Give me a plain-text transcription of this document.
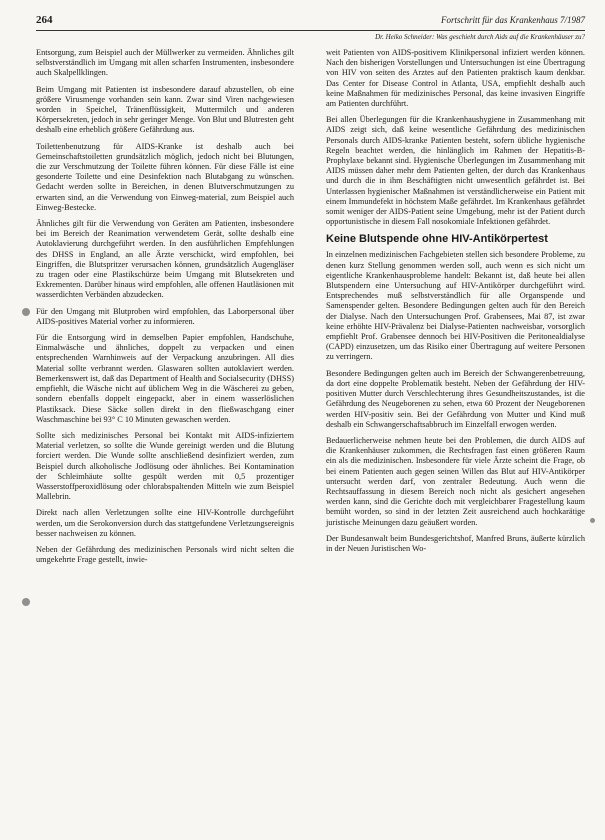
264	Fortschritt für das Krankenhaus 7/1987
Dr. Heiko Schneider: Was geschieht durch Aids auf die Krankenhäuser zu?

Entsorgung, zum Beispiel auch der Müllwerker zu vermeiden. Ähnliches gilt selbstverständlich im Umgang mit allen scharfen Instrumenten, insbesondere auch Skalpellklingen.

Beim Umgang mit Patienten ist insbesondere darauf abzustellen, ob eine größere Virusmenge vorhanden sein kann. Zwar sind Viren nachgewiesen worden in Speichel, Tränenflüssigkeit, Muttermilch und anderen Körpersekreten, jedoch in sehr geringer Menge. Von Blut und Blutresten geht deshalb eine erheblich größere Gefährdung aus.

Toilettenbenutzung für AIDS-Kranke ist deshalb auch bei Gemeinschaftstoiletten grundsätzlich möglich, jedoch nicht bei Blutungen, die zur Verschmutzung der Toilette führen können. Für diese Fälle ist eine gesonderte Toilette und eine Desinfektion nach Blutabgang zu wünschen. Gedacht werden sollte in Bereichen, in denen Blutverschmutzungen zu erwarten sind, an die Verwendung von Einweg-material, zum Beispiel auch Einweg-Bestecke.

Ähnliches gilt für die Verwendung von Geräten am Patienten, insbesondere bei im Bereich der Reanimation verwendetem Gerät, sollte deshalb eine Autoklavierung durchgeführt werden. In den ausführlichen Empfehlungen des DHSS in England, an alle Ärzte verschickt, wird empfohlen, bei Eingriffen, die Blutspritzer verursachen können, grundsätzlich Augengläser zu tragen oder eine Plastikschürze beim Umgang mit Blutsekreten und Exkrementen. Darüber hinaus wird empfohlen, alle offenen Hautläsionen mit wasserdichten Verbänden abzudecken.

Für den Umgang mit Blutproben wird empfohlen, das Laborpersonal über AIDS-positives Material vorher zu informieren.

Für die Entsorgung wird in demselben Papier empfohlen, Handschuhe, Einmalwäsche und ähnliches, doppelt zu verpacken und einen entsprechenden Warnhinweis auf der Verpackung anzubringen. All dies Material sollte verbrannt werden. Glaswaren sollten autoklaviert werden. Bemerkenswert ist, daß das Department of Health and Socialsecurity (DHSS) empfiehlt, die Wäsche nicht auf üblichem Weg in die Wäscherei zu geben, sondern ebenfalls doppelt eingepackt, aber in einem wasserlöslichen Plastiksack. Diese Säcke sollen direkt in den fließwaschgang einer Waschmaschine bei 93° C 10 Minuten gewaschen werden.

Sollte sich medizinisches Personal bei Kontakt mit AIDS-infiziertem Material verletzen, so sollte die Wunde gereinigt werden und die Blutung forciert werden. Die Wunde sollte anschließend desinfiziert werden, zum Beispiel durch alkoholische Jodlösung oder ähnliches. Bei Kontamination der Schleimhäute sollte gespült werden mit 0,5 prozentiger Wasserstoffperoxidlösung oder chlorabspaltenden Mitteln wie zum Beispiel Mallebrin.

Direkt nach allen Verletzungen sollte eine HIV-Kontrolle durchgeführt werden, um die Serokonversion durch das stattgefundene Verletzungsereignis besser nachweisen zu können.

Neben der Gefährdung des medizinischen Personals wird nicht selten die umgekehrte Frage gestellt, inwie-

weit Patienten von AIDS-positivem Klinikpersonal infiziert werden können. Nach den bisherigen Vorstellungen und Untersuchungen ist eine Übertragung von HIV von seiten des Arztes auf den Patienten praktisch kaum denkbar. Das Center for Disease Control in Atlanta, USA, empfiehlt deshalb auch keine Maßnahmen für medizinisches Personal, das keine invasiven Eingriffe am Patienten durchführt.

Bei allen Überlegungen für die Krankenhaushygiene in Zusammenhang mit AIDS zeigt sich, daß keine wesentliche Gefährdung des medizinischen Personals durch AIDS-kranke Patienten besteht, sofern übliche hygienische Regeln beachtet werden, die hinlänglich im Rahmen der Hepatitis-B-Prophylaxe bekannt sind. Hygienische Überlegungen im Zusammenhang mit AIDS müssen daher mehr dem Patienten gelten, der durch das Krankenhaus und durch die in ihm Beschäftigten nicht unwesentlich gefährdet ist. Bei Unterlassen hygienischer Maßnahmen ist verständlicherweise ein Patient mit einem Immundefekt in höchstem Maße gefährdet. Im Krankenhaus gefährdet somit weniger der AIDS-Patient seine Umgebung, mehr ist der Patient durch opportunistische in diesem Fall nosokomiale Infektionen gefährdet.

Keine Blutspende ohne HIV-Antikörpertest

In einzelnen medizinischen Fachgebieten stellen sich besondere Probleme, zu denen kurz Stellung genommen werden soll, auch wenn es sich nicht um eigentliche Krankenhausprobleme handelt: Bekannt ist, daß heute bei allen Blutspendern eine Untersuchung auf HIV-Antikörper durchgeführt wird. Entsprechendes muß selbstverständlich für alle Organspende und Samenspender gelten. Besondere Bedingungen gelten auch für den Bereich der Dialyse. Nach den Untersuchungen Prof. Grabensees, Mai 87, ist zwar keine erhöhte HIV-Prävalenz bei Dialyse-Patienten nachweisbar, vorsorglich empfiehlt Prof. Grabensee dennoch bei HIV-Positiven die Peritonealdialyse (CAPD) einzusetzen, um das Risiko einer Übertragung auf weitere Personen zu verringern.

Besondere Bedingungen gelten auch im Bereich der Schwangerenbetreuung, da dort eine doppelte Problematik besteht. Neben der Gefährdung der HIV-positiven Mutter durch Verschlechterung ihres Gesundheitszustandes, ist die Gefährdung des Neugeborenen zu sehen, etwa 60 Prozent der Neugeborenen werden HIV-positiv sein. Bei der Gefährdung von Mutter und Kind muß deshalb ein Schwangerschaftsabbruch im Einzelfall erwogen werden.

Bedauerlicherweise nehmen heute bei den Problemen, die durch AIDS auf die Krankenhäuser zukommen, die Rechtsfragen fast einen größeren Raum ein als die medizinischen. Insbesondere für viele Ärzte scheint die Frage, ob bei einem Patienten auch gegen seinen Willen das Blut auf HIV-Antikörper untersucht werden darf, von zentraler Bedeutung. Auch wenn die Rechtsauffassung in diesem Bereich noch nicht als gesichert angesehen werden kann, sind die Gerichte doch mit vergleichbarer Fragestellung kaum bemüht worden, so sind in der letzten Zeit ausreichend auch hochkarätige juristische Meinungen dazu geäußert worden.

Der Bundesanwalt beim Bundesgerichtshof, Manfred Bruns, äußerte kürzlich in der Neuen Juristischen Wo-
